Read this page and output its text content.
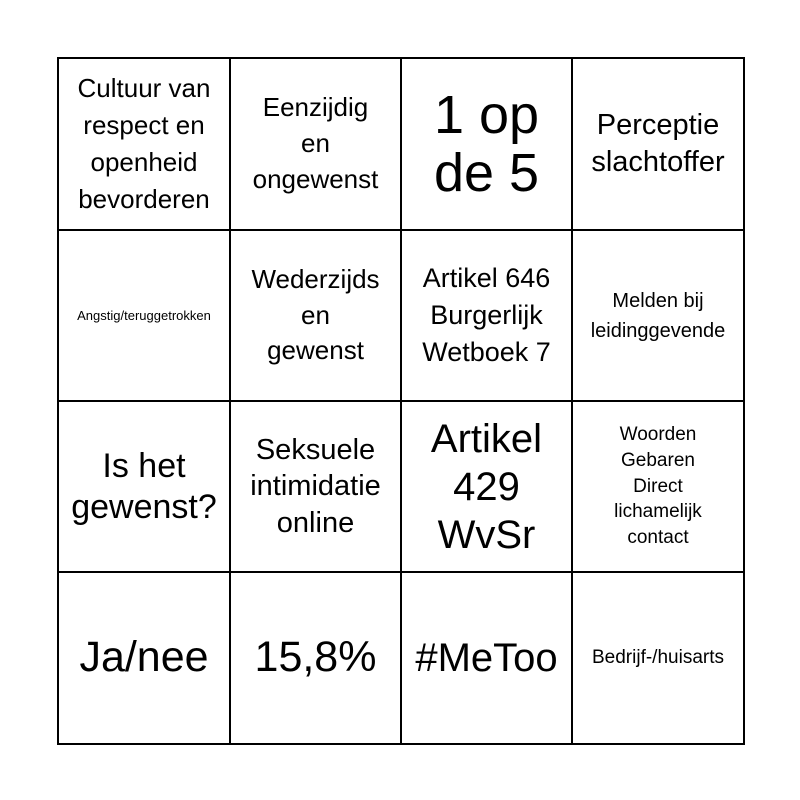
Cultuur van
respect en
openheid
bevorderen
Eenzijdig
en
ongewenst
1 op
de 5
Perceptie
slachtoffer
Angstig/teruggetrokken
Wederzijds
en
gewenst
Artikel 646
Burgerlijk
Wetboek 7
Melden bij
leidinggevende
Is het
gewenst?
Seksuele
intimidatie
online
Artikel
429
WvSr
Woorden
Gebaren
Direct
lichamelijk
contact
Ja/nee 15,8% #MeToo Bedrijf-/huisarts
